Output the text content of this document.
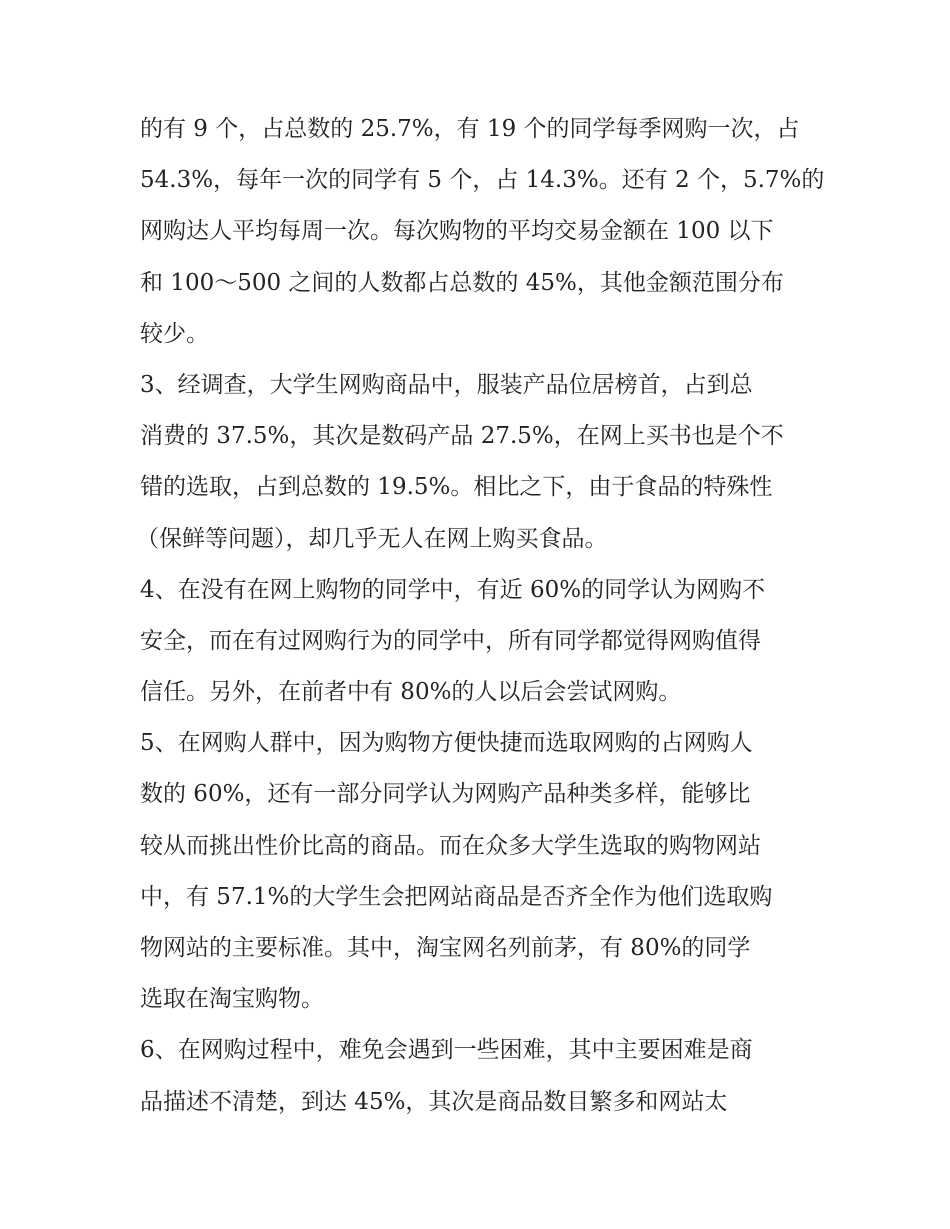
的有 9 个，占总数的 25.7%，有 19 个的同学每季网购一次，占
54.3%，每年一次的同学有 5 个，占 14.3%。还有 2 个，5.7%的
网购达人平均每周一次。每次购物的平均交易金额在 100 以下
和 100～500 之间的人数都占总数的 45%，其他金额范围分布
较少。
3、经调查，大学生网购商品中，服装产品位居榜首，占到总
消费的 37.5%，其次是数码产品 27.5%，在网上买书也是个不
错的选取，占到总数的 19.5%。相比之下，由于食品的特殊性
（保鲜等问题），却几乎无人在网上购买食品。
4、在没有在网上购物的同学中，有近 60%的同学认为网购不
安全，而在有过网购行为的同学中，所有同学都觉得网购值得
信任。另外，在前者中有 80%的人以后会尝试网购。
5、在网购人群中，因为购物方便快捷而选取网购的占网购人
数的 60%，还有一部分同学认为网购产品种类多样，能够比
较从而挑出性价比高的商品。而在众多大学生选取的购物网站
中，有 57.1%的大学生会把网站商品是否齐全作为他们选取购
物网站的主要标准。其中，淘宝网名列前茅，有 80%的同学
选取在淘宝购物。
6、在网购过程中，难免会遇到一些困难，其中主要困难是商
品描述不清楚，到达 45%，其次是商品数目繁多和网站太
